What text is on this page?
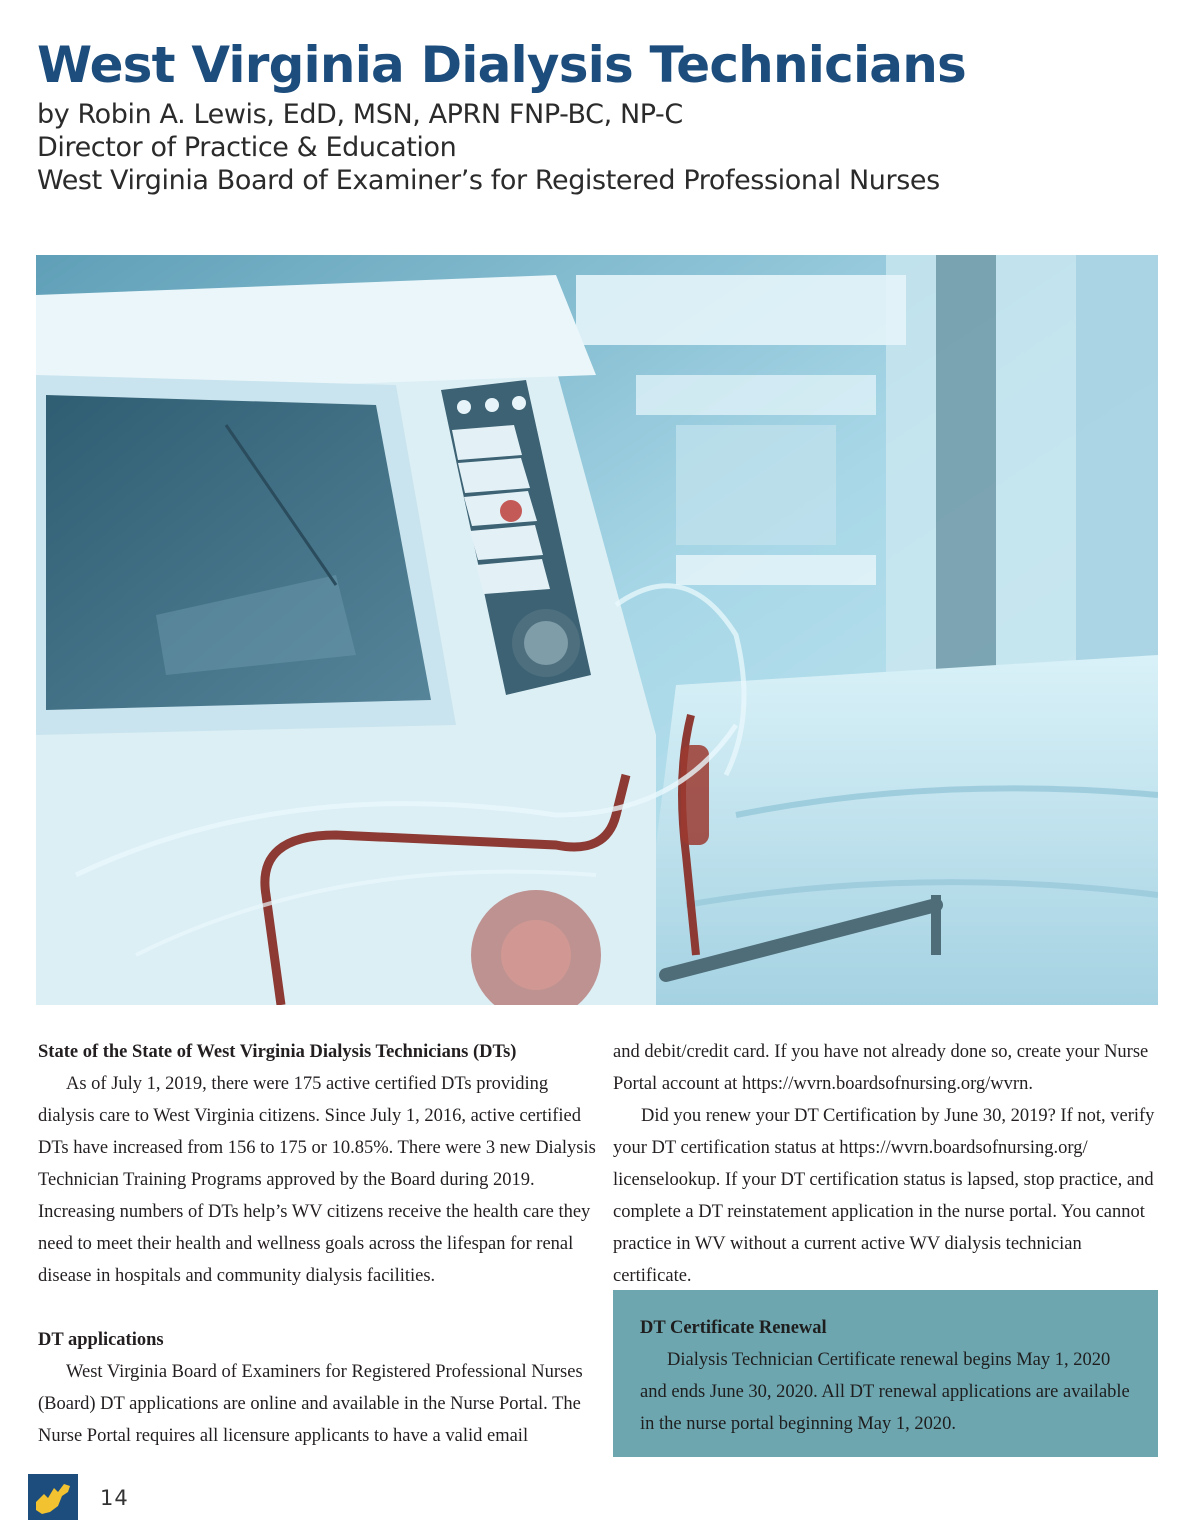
West Virginia Dialysis Technicians
by Robin A. Lewis, EdD, MSN, APRN FNP-BC, NP-C
Director of Practice & Education
West Virginia Board of Examiner’s for Registered Professional Nurses
State of the State of West Virginia Dialysis Technicians (DTs)

As of July 1, 2019, there were 175 active certified DTs providing dialysis care to West Virginia citizens. Since July 1, 2016, active certified DTs have increased from 156 to 175 or 10.85%. There were 3 new Dialysis Technician Training Programs approved by the Board during 2019. Increasing numbers of DTs help’s WV citizens receive the health care they need to meet their health and wellness goals across the lifespan for renal disease in hospitals and community dialysis facilities.

DT applications

West Virginia Board of Examiners for Registered Professional Nurses (Board) DT applications are online and available in the Nurse Portal. The Nurse Portal requires all licensure applicants to have a valid email

and debit/credit card. If you have not already done so, create your Nurse Portal account at https://wvrn.boardsofnursing.org/wvrn.

Did you renew your DT Certification by June 30, 2019? If not, verify your DT certification status at https://wvrn.boardsofnursing.org/ licenselookup. If your DT certification status is lapsed, stop practice, and complete a DT reinstatement application in the nurse portal. You cannot practice in WV without a current active WV dialysis technician certificate.

DT Certificate Renewal

Dialysis Technician Certificate renewal begins May 1, 2020 and ends June 30, 2020. All DT renewal applications are available in the nurse portal beginning May 1, 2020.

14
